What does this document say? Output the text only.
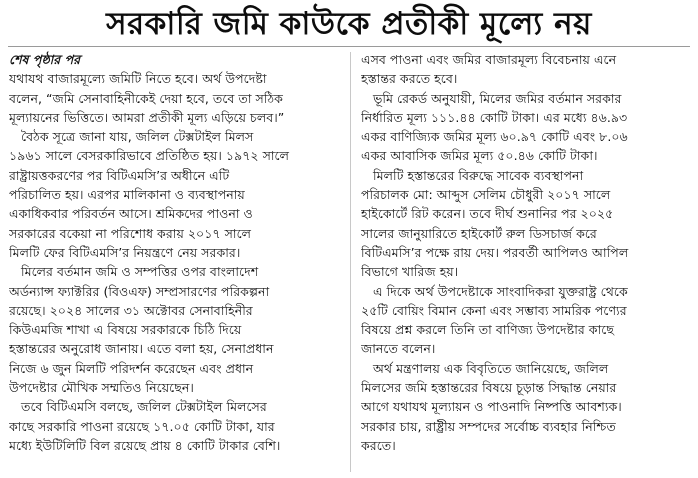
সরকারি জমি কাউকে প্রতীকী মূল্যে নয়
শেষ পৃষ্ঠার পর
যথাযথ বাজারমূল্যে জমিটি নিতে হবে। অর্থ উপদেষ্টা
বলেন, “জমি সেনাবাহিনীকেই দেয়া হবে, তবে তা সঠিক
মূল্যায়নের ভিত্তিতে। আমরা প্রতীকী মূল্য এড়িয়ে চলব।”
বৈঠক সূত্রে জানা যায়, জলিল টেক্সটাইল মিলস
১৯৬১ সালে বেসরকারিভাবে প্রতিষ্ঠিত হয়। ১৯৭২ সালে
রাষ্ট্রায়ত্তকরণের পর বিটিএমসি’র অধীনে এটি
পরিচালিত হয়। এরপর মালিকানা ও ব্যবস্থাপনায়
একাধিকবার পরিবর্তন আসে। শ্রমিকদের পাওনা ও
সরকারের বকেয়া না পরিশোধ করায় ২০১৭ সালে
মিলটি ফের বিটিএমসি’র নিয়ন্ত্রণে নেয় সরকার।
মিলের বর্তমান জমি ও সম্পত্তির ওপর বাংলাদেশ
অর্ডন্যান্স ফ্যাক্টরির (বিওএফ) সম্প্রসারণের পরিকল্পনা
রয়েছে। ২০২৪ সালের ৩১ অক্টোবর সেনাবাহিনীর
কিউএমজি শাখা এ বিষয়ে সরকারকে চিঠি দিয়ে
হস্তান্তরের অনুরোধ জানায়। এতে বলা হয়, সেনাপ্রধান
নিজে ৬ জুন মিলটি পরিদর্শন করেছেন এবং প্রধান
উপদেষ্টার মৌখিক সম্মতিও নিয়েছেন।
তবে বিটিএমসি বলছে, জলিল টেক্সটাইল মিলসের
কাছে সরকারি পাওনা রয়েছে ১৭.০৫ কোটি টাকা, যার
মধ্যে ইউটিলিটি বিল রয়েছে প্রায় ৪ কোটি টাকার বেশি।
এসব পাওনা এবং জমির বাজারমূল্য বিবেচনায় এনে
হস্তান্তর করতে হবে।
ভূমি রেকর্ড অনুযায়ী, মিলের জমির বর্তমান সরকার
নির্ধারিত মূল্য ১১১.৪৪ কোটি টাকা। এর মধ্যে ৪৬.৯৩
একর বাণিজ্যিক জমির মূল্য ৬০.৯৭ কোটি এবং ৮.০৬
একর আবাসিক জমির মূল্য ৫০.৪৬ কোটি টাকা।
মিলটি হস্তান্তরের বিরুদ্ধে সাবেক ব্যবস্থাপনা
পরিচালক মো: আব্দুস সেলিম চৌধুরী ২০১৭ সালে
হাইকোর্টে রিট করেন। তবে দীর্ঘ শুনানির পর ২০২৫
সালের জানুয়ারিতে হাইকোর্ট রুল ডিসচার্জ করে
বিটিএমসি’র পক্ষে রায় দেয়। পরবর্তী আপিলও আপিল
বিভাগে খারিজ হয়।
এ দিকে অর্থ উপদেষ্টাকে সাংবাদিকরা যুক্তরাষ্ট্র থেকে
২৫টি বোয়িং বিমান কেনা এবং সম্ভাব্য সামরিক পণ্যের
বিষয়ে প্রশ্ন করলে তিনি তা বাণিজ্য উপদেষ্টার কাছে
জানতে বলেন।
অর্থ মন্ত্রণালয় এক বিবৃতিতে জানিয়েছে, জলিল
মিলসের জমি হস্তান্তরের বিষয়ে চূড়ান্ত সিদ্ধান্ত নেয়ার
আগে যথাযথ মূল্যায়ন ও পাওনাদি নিষ্পত্তি আবশ্যক।
সরকার চায়, রাষ্ট্রীয় সম্পদের সর্বোচ্চ ব্যবহার নিশ্চিত
করতে।
